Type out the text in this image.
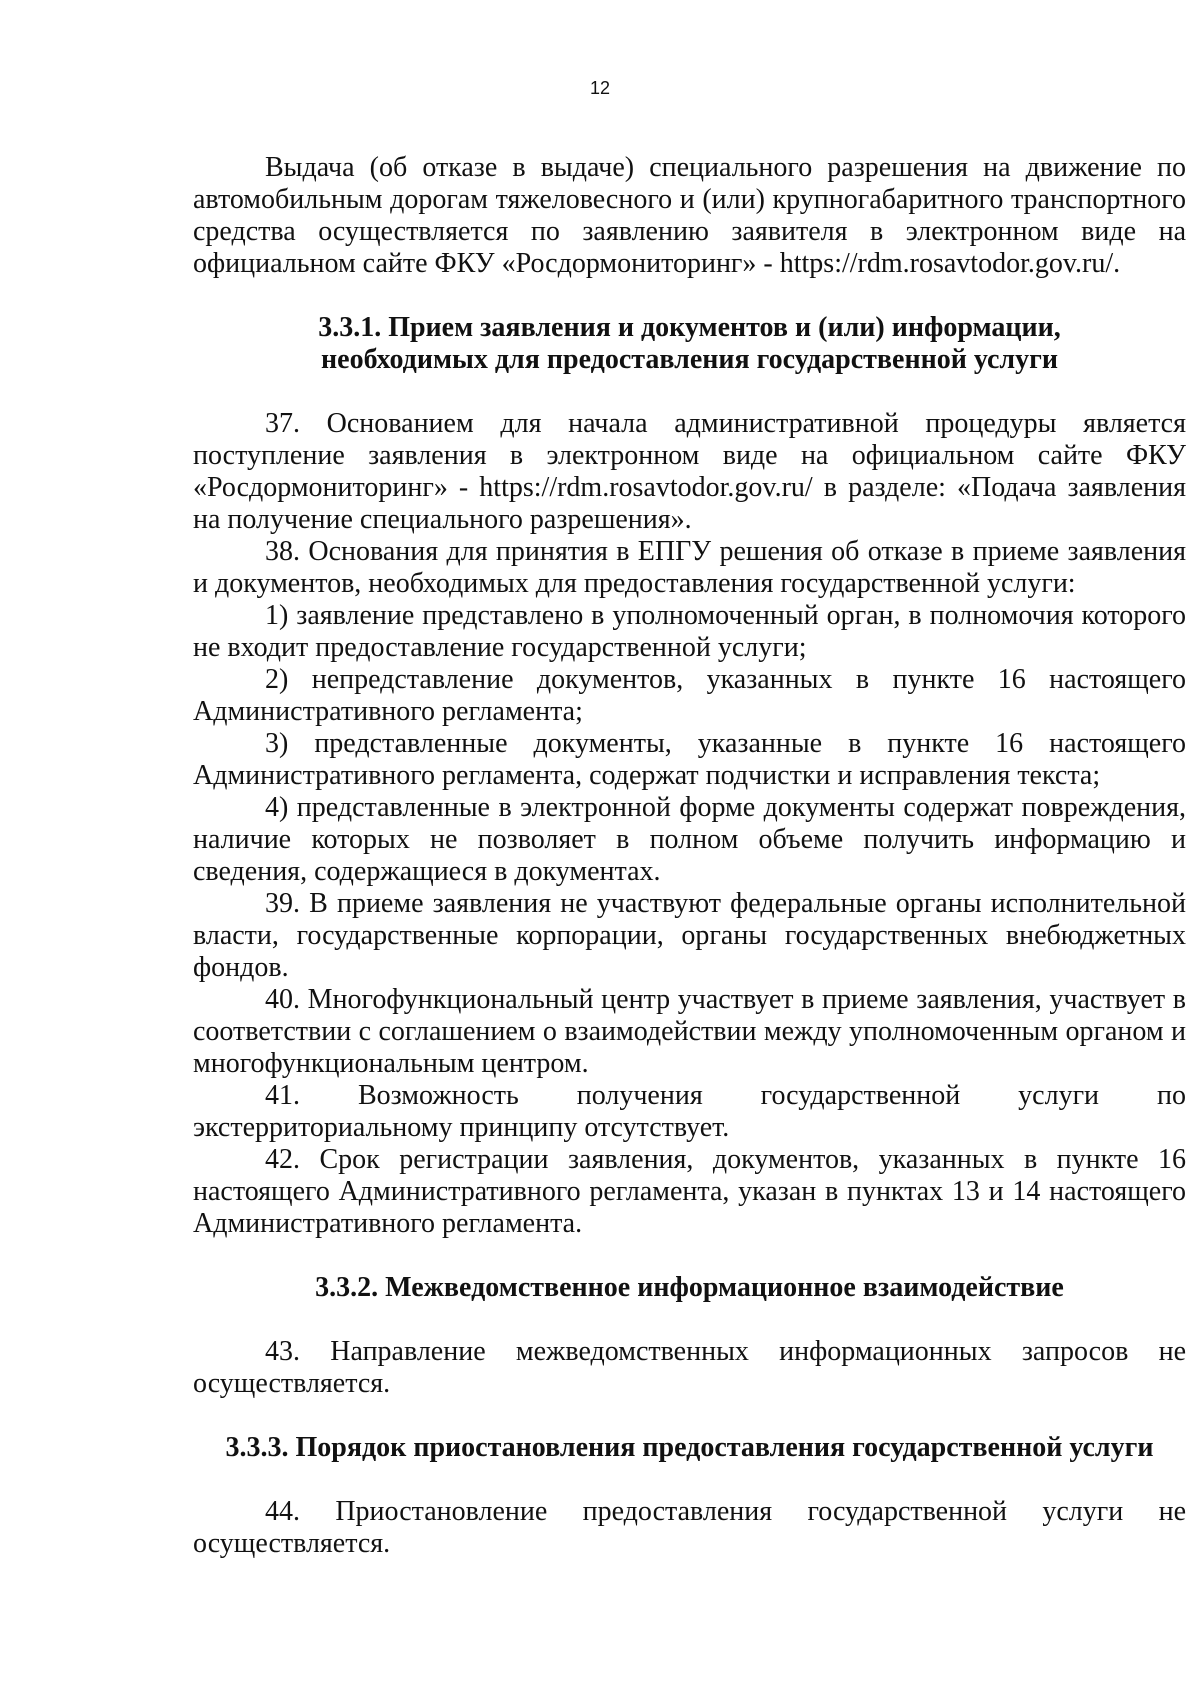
12

Выдача (об отказе в выдаче) специального разрешения на движение по автомобильным дорогам тяжеловесного и (или) крупногабаритного транспортного средства осуществляется по заявлению заявителя в электронном виде на официальном сайте ФКУ «Росдормониторинг» - https://rdm.rosavtodor.gov.ru/.

3.3.1. Прием заявления и документов и (или) информации, необходимых для предоставления государственной услуги

37. Основанием для начала административной процедуры является поступление заявления в электронном виде на официальном сайте ФКУ «Росдормониторинг» - https://rdm.rosavtodor.gov.ru/ в разделе: «Подача заявления на получение специального разрешения».

38. Основания для принятия в ЕПГУ решения об отказе в приеме заявления и документов, необходимых для предоставления государственной услуги:

1) заявление представлено в уполномоченный орган, в полномочия которого не входит предоставление государственной услуги;

2) непредставление документов, указанных в пункте 16 настоящего Административного регламента;

3) представленные документы, указанные в пункте 16 настоящего Административного регламента, содержат подчистки и исправления текста;

4) представленные в электронной форме документы содержат повреждения, наличие которых не позволяет в полном объеме получить информацию и сведения, содержащиеся в документах.

39. В приеме заявления не участвуют федеральные органы исполнительной власти, государственные корпорации, органы государственных внебюджетных фондов.

40. Многофункциональный центр участвует в приеме заявления, участвует в соответствии с соглашением о взаимодействии между уполномоченным органом и многофункциональным центром.

41. Возможность получения государственной услуги по экстерриториальному принципу отсутствует.

42. Срок регистрации заявления, документов, указанных в пункте 16 настоящего Административного регламента, указан в пунктах 13 и 14 настоящего Административного регламента.

3.3.2. Межведомственное информационное взаимодействие

43. Направление межведомственных информационных запросов не осуществляется.

3.3.3. Порядок приостановления предоставления государственной услуги

44. Приостановление предоставления государственной услуги не осуществляется.
